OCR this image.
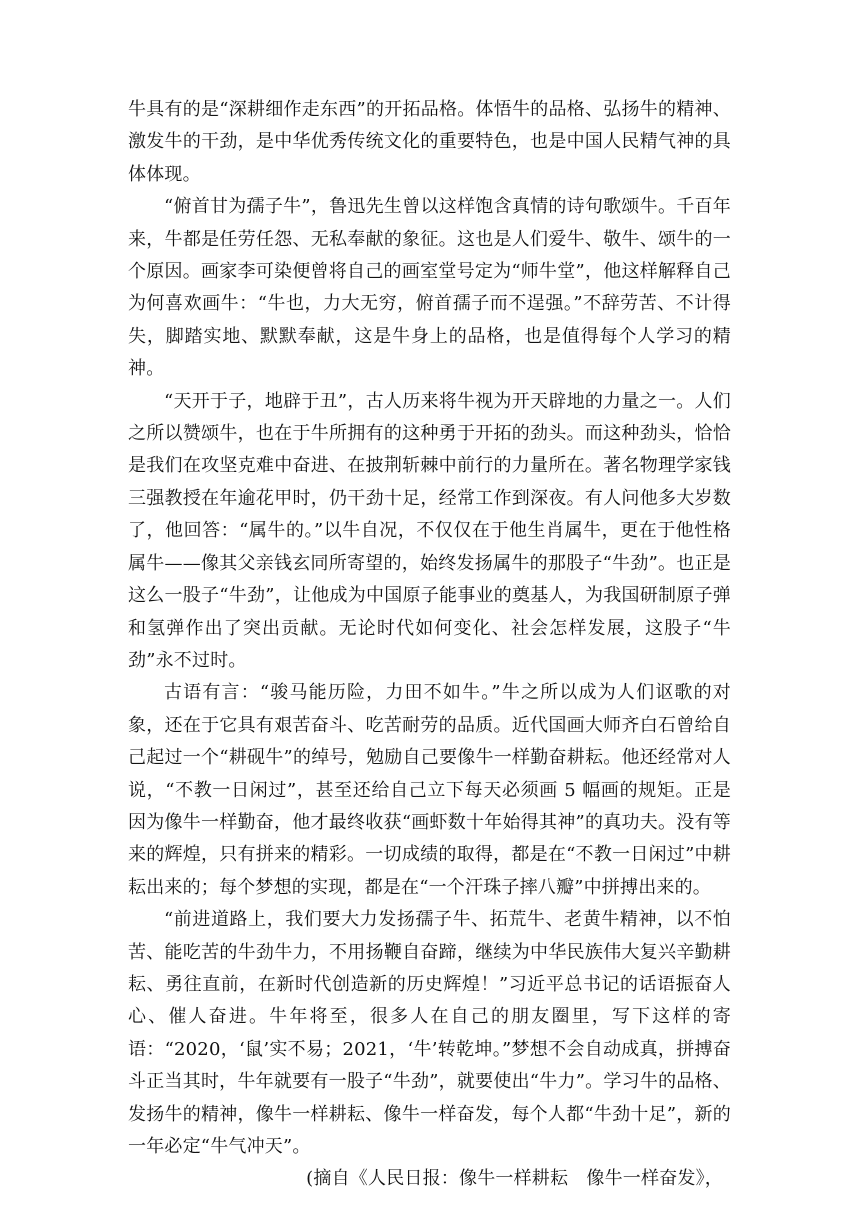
牛具有的是“深耕细作走东西”的开拓品格。体悟牛的品格、弘扬牛的精神、激发牛的干劲，是中华优秀传统文化的重要特色，也是中国人民精气神的具体体现。

“俯首甘为孺子牛”，鲁迅先生曾以这样饱含真情的诗句歌颂牛。千百年来，牛都是任劳任怨、无私奉献的象征。这也是人们爱牛、敬牛、颂牛的一个原因。画家李可染便曾将自己的画室堂号定为“师牛堂”，他这样解释自己为何喜欢画牛：“牛也，力大无穷，俯首孺子而不逞强。”不辞劳苦、不计得失，脚踏实地、默默奉献，这是牛身上的品格，也是值得每个人学习的精神。

“天开于子，地辟于丑”，古人历来将牛视为开天辟地的力量之一。人们之所以赞颂牛，也在于牛所拥有的这种勇于开拓的劲头。而这种劲头，恰恰是我们在攻坚克难中奋进、在披荆斩棘中前行的力量所在。著名物理学家钱三强教授在年逾花甲时，仍干劲十足，经常工作到深夜。有人问他多大岁数了，他回答：“属牛的。”以牛自况，不仅仅在于他生肖属牛，更在于他性格属牛——像其父亲钱玄同所寄望的，始终发扬属牛的那股子“牛劲”。也正是这么一股子“牛劲”，让他成为中国原子能事业的奠基人，为我国研制原子弹和氢弹作出了突出贡献。无论时代如何变化、社会怎样发展，这股子“牛劲”永不过时。

古语有言：“骏马能历险，力田不如牛。”牛之所以成为人们讴歌的对象，还在于它具有艰苦奋斗、吃苦耐劳的品质。近代国画大师齐白石曾给自己起过一个“耕砚牛”的绰号，勉励自己要像牛一样勤奋耕耘。他还经常对人说，“不教一日闲过”，甚至还给自己立下每天必须画 5 幅画的规矩。正是因为像牛一样勤奋，他才最终收获“画虾数十年始得其神”的真功夫。没有等来的辉煌，只有拼来的精彩。一切成绩的取得，都是在“不教一日闲过”中耕耘出来的；每个梦想的实现，都是在“一个汗珠子摔八瓣”中拼搏出来的。

“前进道路上，我们要大力发扬孺子牛、拓荒牛、老黄牛精神，以不怕苦、能吃苦的牛劲牛力，不用扬鞭自奋蹄，继续为中华民族伟大复兴辛勤耕耘、勇往直前，在新时代创造新的历史辉煌！”习近平总书记的话语振奋人心、催人奋进。牛年将至，很多人在自己的朋友圈里，写下这样的寄语：“2020，‘鼠’实不易；2021，‘牛’转乾坤。”梦想不会自动成真，拼搏奋斗正当其时，牛年就要有一股子“牛劲”，就要使出“牛力”。学习牛的品格、发扬牛的精神，像牛一样耕耘、像牛一样奋发，每个人都“牛劲十足”，新的一年必定“牛气冲天”。

(摘自《人民日报：像牛一样耕耘　像牛一样奋发》，
